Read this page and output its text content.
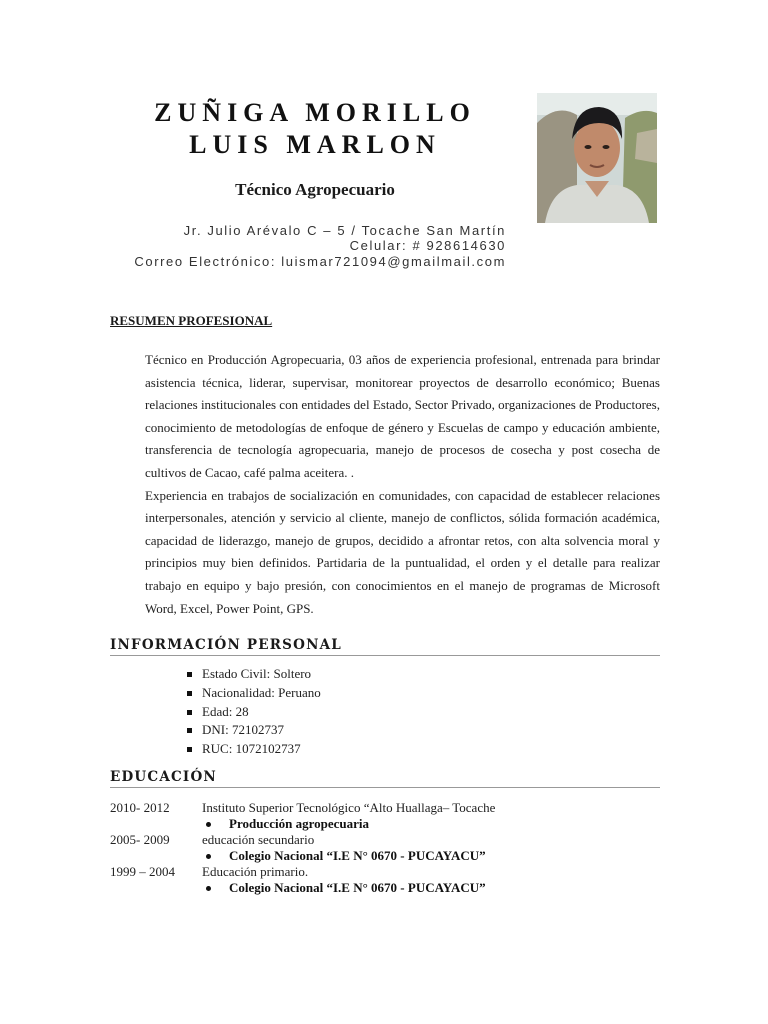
ZUÑIGA MORILLO
LUIS MARLON
Técnico Agropecuario
Jr. Julio Arévalo C – 5 / Tocache San Martín
Celular: # 928614630
Correo Electrónico: luismar721094@gmailmail.com
RESUMEN PROFESIONAL

Técnico en Producción Agropecuaria, 03 años de experiencia profesional, entrenada para brindar asistencia técnica, liderar, supervisar, monitorear proyectos de desarrollo económico; Buenas relaciones institucionales con entidades del Estado, Sector Privado, organizaciones de Productores, conocimiento de metodologías de enfoque de género y Escuelas de campo y educación ambiente, transferencia de tecnología agropecuaria, manejo de procesos de cosecha y post cosecha de cultivos de Cacao, café palma aceitera. .

Experiencia en trabajos de socialización en comunidades, con capacidad de establecer relaciones interpersonales, atención y servicio al cliente, manejo de conflictos, sólida formación académica, capacidad de liderazgo, manejo de grupos, decidido a afrontar retos, con alta solvencia moral y principios muy bien definidos. Partidaria de la puntualidad, el orden y el detalle para realizar trabajo en equipo y bajo presión, con conocimientos en el manejo de programas de Microsoft Word, Excel, Power Point, GPS.

INFORMACIÓN PERSONAL
Estado Civil: Soltero
Nacionalidad: Peruano
Edad: 28
DNI: 72102737
RUC: 1072102737
EDUCACIÓN
2010- 2012 Instituto Superior Tecnológico “Alto Huallaga– Tocache
Producción agropecuaria
2005- 2009 educación secundario
Colegio Nacional “I.E N° 0670 - PUCAYACU”
1999 – 2004 Educación primario.
Colegio Nacional “I.E N° 0670 - PUCAYACU”
